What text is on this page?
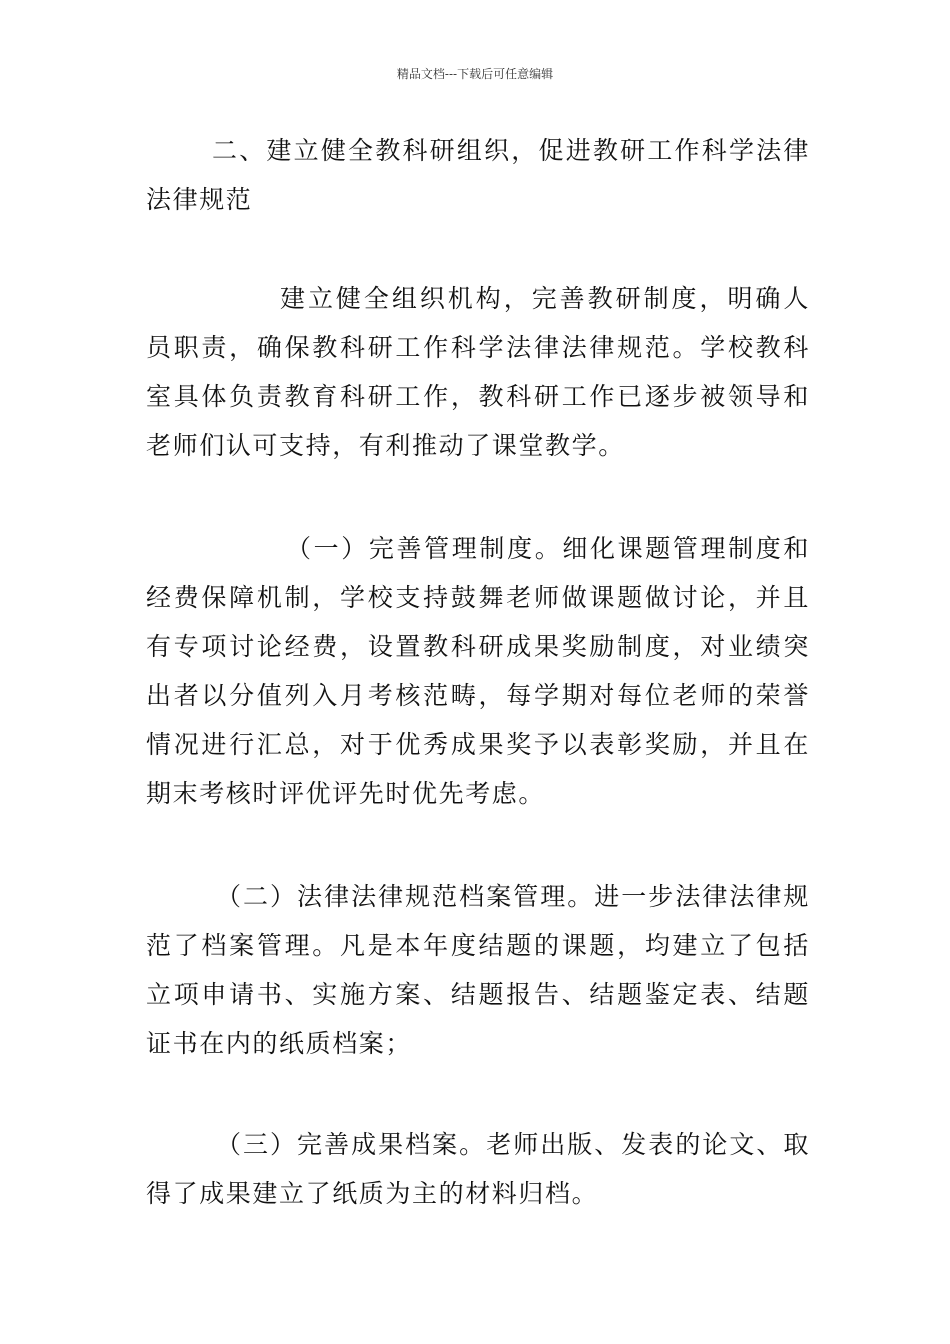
精品文档---下载后可任意编辑

二、建立健全教科研组织，促进教研工作科学法律法律规范

建立健全组织机构，完善教研制度，明确人员职责，确保教科研工作科学法律法律规范。学校教科室具体负责教育科研工作，教科研工作已逐步被领导和老师们认可支持，有利推动了课堂教学。

（一）完善管理制度。细化课题管理制度和经费保障机制，学校支持鼓舞老师做课题做讨论，并且有专项讨论经费，设置教科研成果奖励制度，对业绩突出者以分值列入月考核范畴，每学期对每位老师的荣誉情况进行汇总，对于优秀成果奖予以表彰奖励，并且在期末考核时评优评先时优先考虑。

（二）法律法律规范档案管理。进一步法律法律规范了档案管理。凡是本年度结题的课题，均建立了包括立项申请书、实施方案、结题报告、结题鉴定表、结题证书在内的纸质档案；

（三）完善成果档案。老师出版、发表的论文、取得了成果建立了纸质为主的材料归档。
